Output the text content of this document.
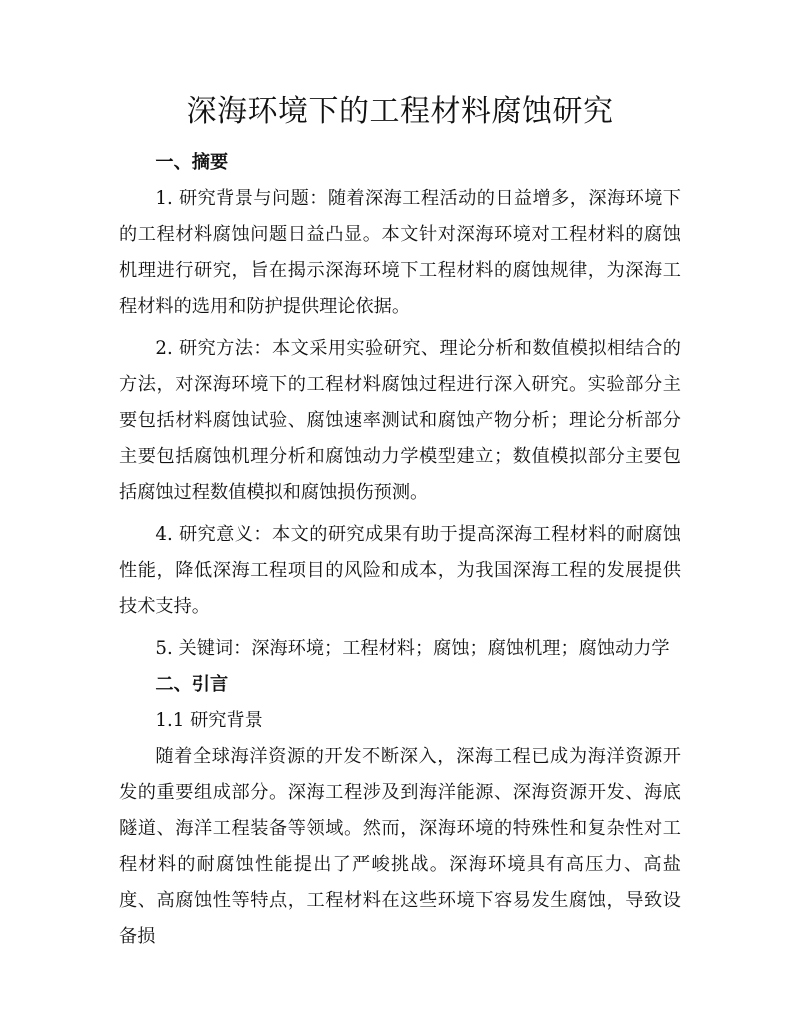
深海环境下的工程材料腐蚀研究

一、摘要

1. 研究背景与问题：随着深海工程活动的日益增多，深海环境下的工程材料腐蚀问题日益凸显。本文针对深海环境对工程材料的腐蚀机理进行研究，旨在揭示深海环境下工程材料的腐蚀规律，为深海工程材料的选用和防护提供理论依据。

2. 研究方法：本文采用实验研究、理论分析和数值模拟相结合的方法，对深海环境下的工程材料腐蚀过程进行深入研究。实验部分主要包括材料腐蚀试验、腐蚀速率测试和腐蚀产物分析；理论分析部分主要包括腐蚀机理分析和腐蚀动力学模型建立；数值模拟部分主要包括腐蚀过程数值模拟和腐蚀损伤预测。

4. 研究意义：本文的研究成果有助于提高深海工程材料的耐腐蚀性能，降低深海工程项目的风险和成本，为我国深海工程的发展提供技术支持。

5. 关键词：深海环境；工程材料；腐蚀；腐蚀机理；腐蚀动力学

二、引言

1.1 研究背景

随着全球海洋资源的开发不断深入，深海工程已成为海洋资源开发的重要组成部分。深海工程涉及到海洋能源、深海资源开发、海底隧道、海洋工程装备等领域。然而，深海环境的特殊性和复杂性对工程材料的耐腐蚀性能提出了严峻挑战。深海环境具有高压力、高盐度、高腐蚀性等特点，工程材料在这些环境下容易发生腐蚀，导致设备损
